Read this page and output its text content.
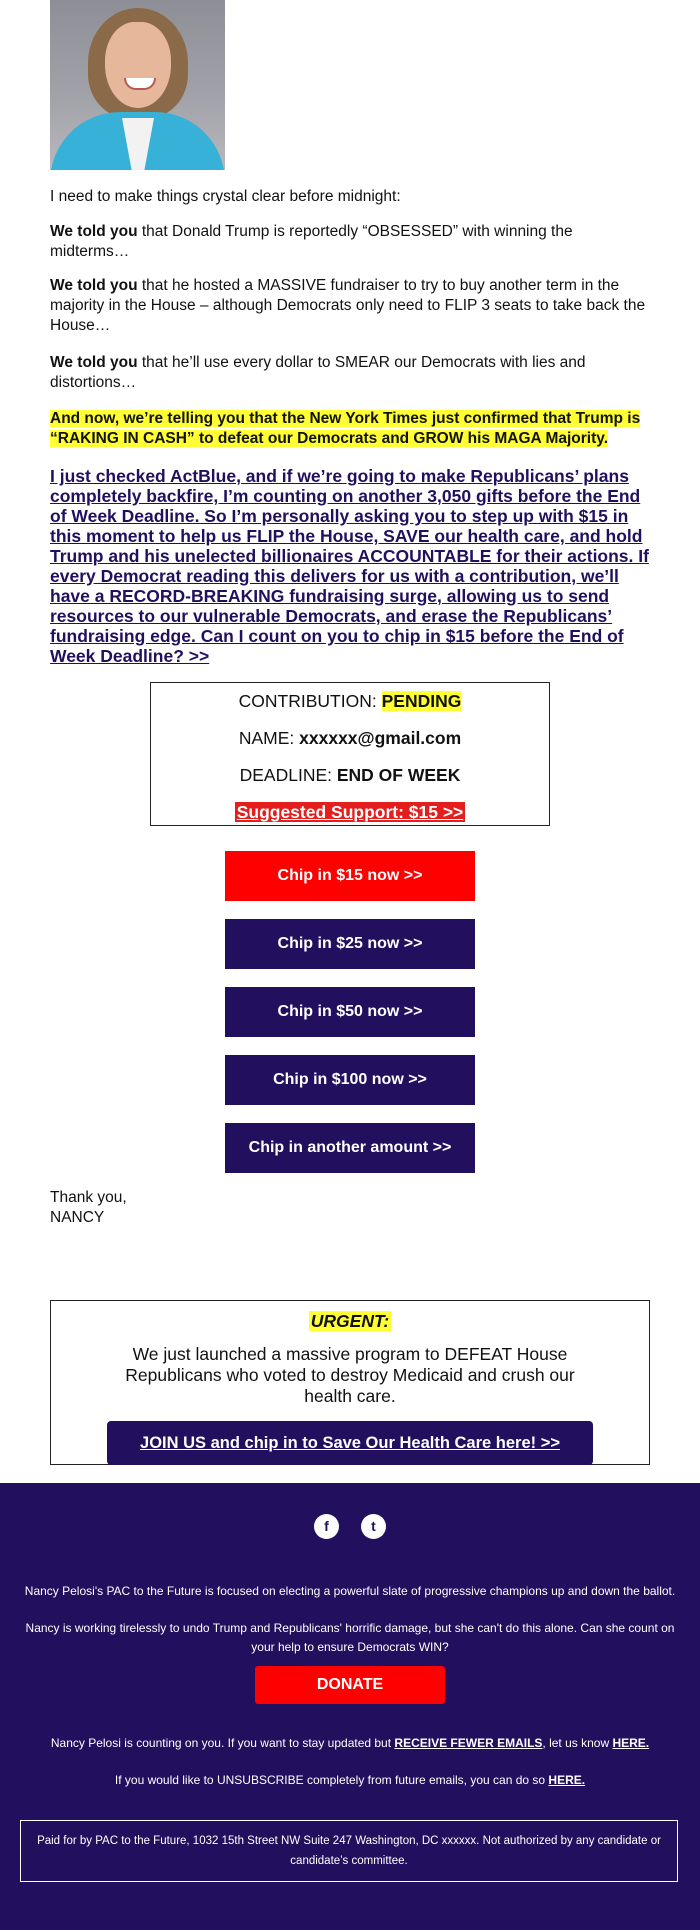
I need to make things crystal clear before midnight:

We told you that Donald Trump is reportedly “OBSESSED” with winning the midterms…

We told you that he hosted a MASSIVE fundraiser to try to buy another term in the majority in the House – although Democrats only need to FLIP 3 seats to take back the House…

We told you that he’ll use every dollar to SMEAR our Democrats with lies and distortions…

And now, we’re telling you that the New York Times just confirmed that Trump is “RAKING IN CASH” to defeat our Democrats and GROW his MAGA Majority.

I just checked ActBlue, and if we’re going to make Republicans’ plans completely backfire, I’m counting on another 3,050 gifts before the End of Week Deadline. So I’m personally asking you to step up with $15 in this moment to help us FLIP the House, SAVE our health care, and hold Trump and his unelected billionaires ACCOUNTABLE for their actions. If every Democrat reading this delivers for us with a contribution, we’ll have a RECORD-BREAKING fundraising surge, allowing us to send resources to our vulnerable Democrats, and erase the Republicans’ fundraising edge. Can I count on you to chip in $15 before the End of Week Deadline? >>
CONTRIBUTION: PENDING
NAME: xxxxxx@gmail.com
DEADLINE: END OF WEEK
Suggested Support: $15 >>
Chip in $15 now >>
Chip in $25 now >>
Chip in $50 now >>
Chip in $100 now >>
Chip in another amount >>
Thank you,
NANCY
URGENT:
We just launched a massive program to DEFEAT House Republicans who voted to destroy Medicaid and crush our health care.
JOIN US and chip in to Save Our Health Care here! >>
f	t
Nancy Pelosi's PAC to the Future is focused on electing a powerful slate of progressive champions up and down the ballot.
Nancy is working tirelessly to undo Trump and Republicans' horrific damage, but she can't do this alone. Can she count on your help to ensure Democrats WIN?
DONATE
Nancy Pelosi is counting on you. If you want to stay updated but RECEIVE FEWER EMAILS, let us know HERE.
If you would like to UNSUBSCRIBE completely from future emails, you can do so HERE.
Paid for by PAC to the Future, 1032 15th Street NW Suite 247 Washington, DC xxxxxx. Not authorized by any candidate or candidate’s committee.
